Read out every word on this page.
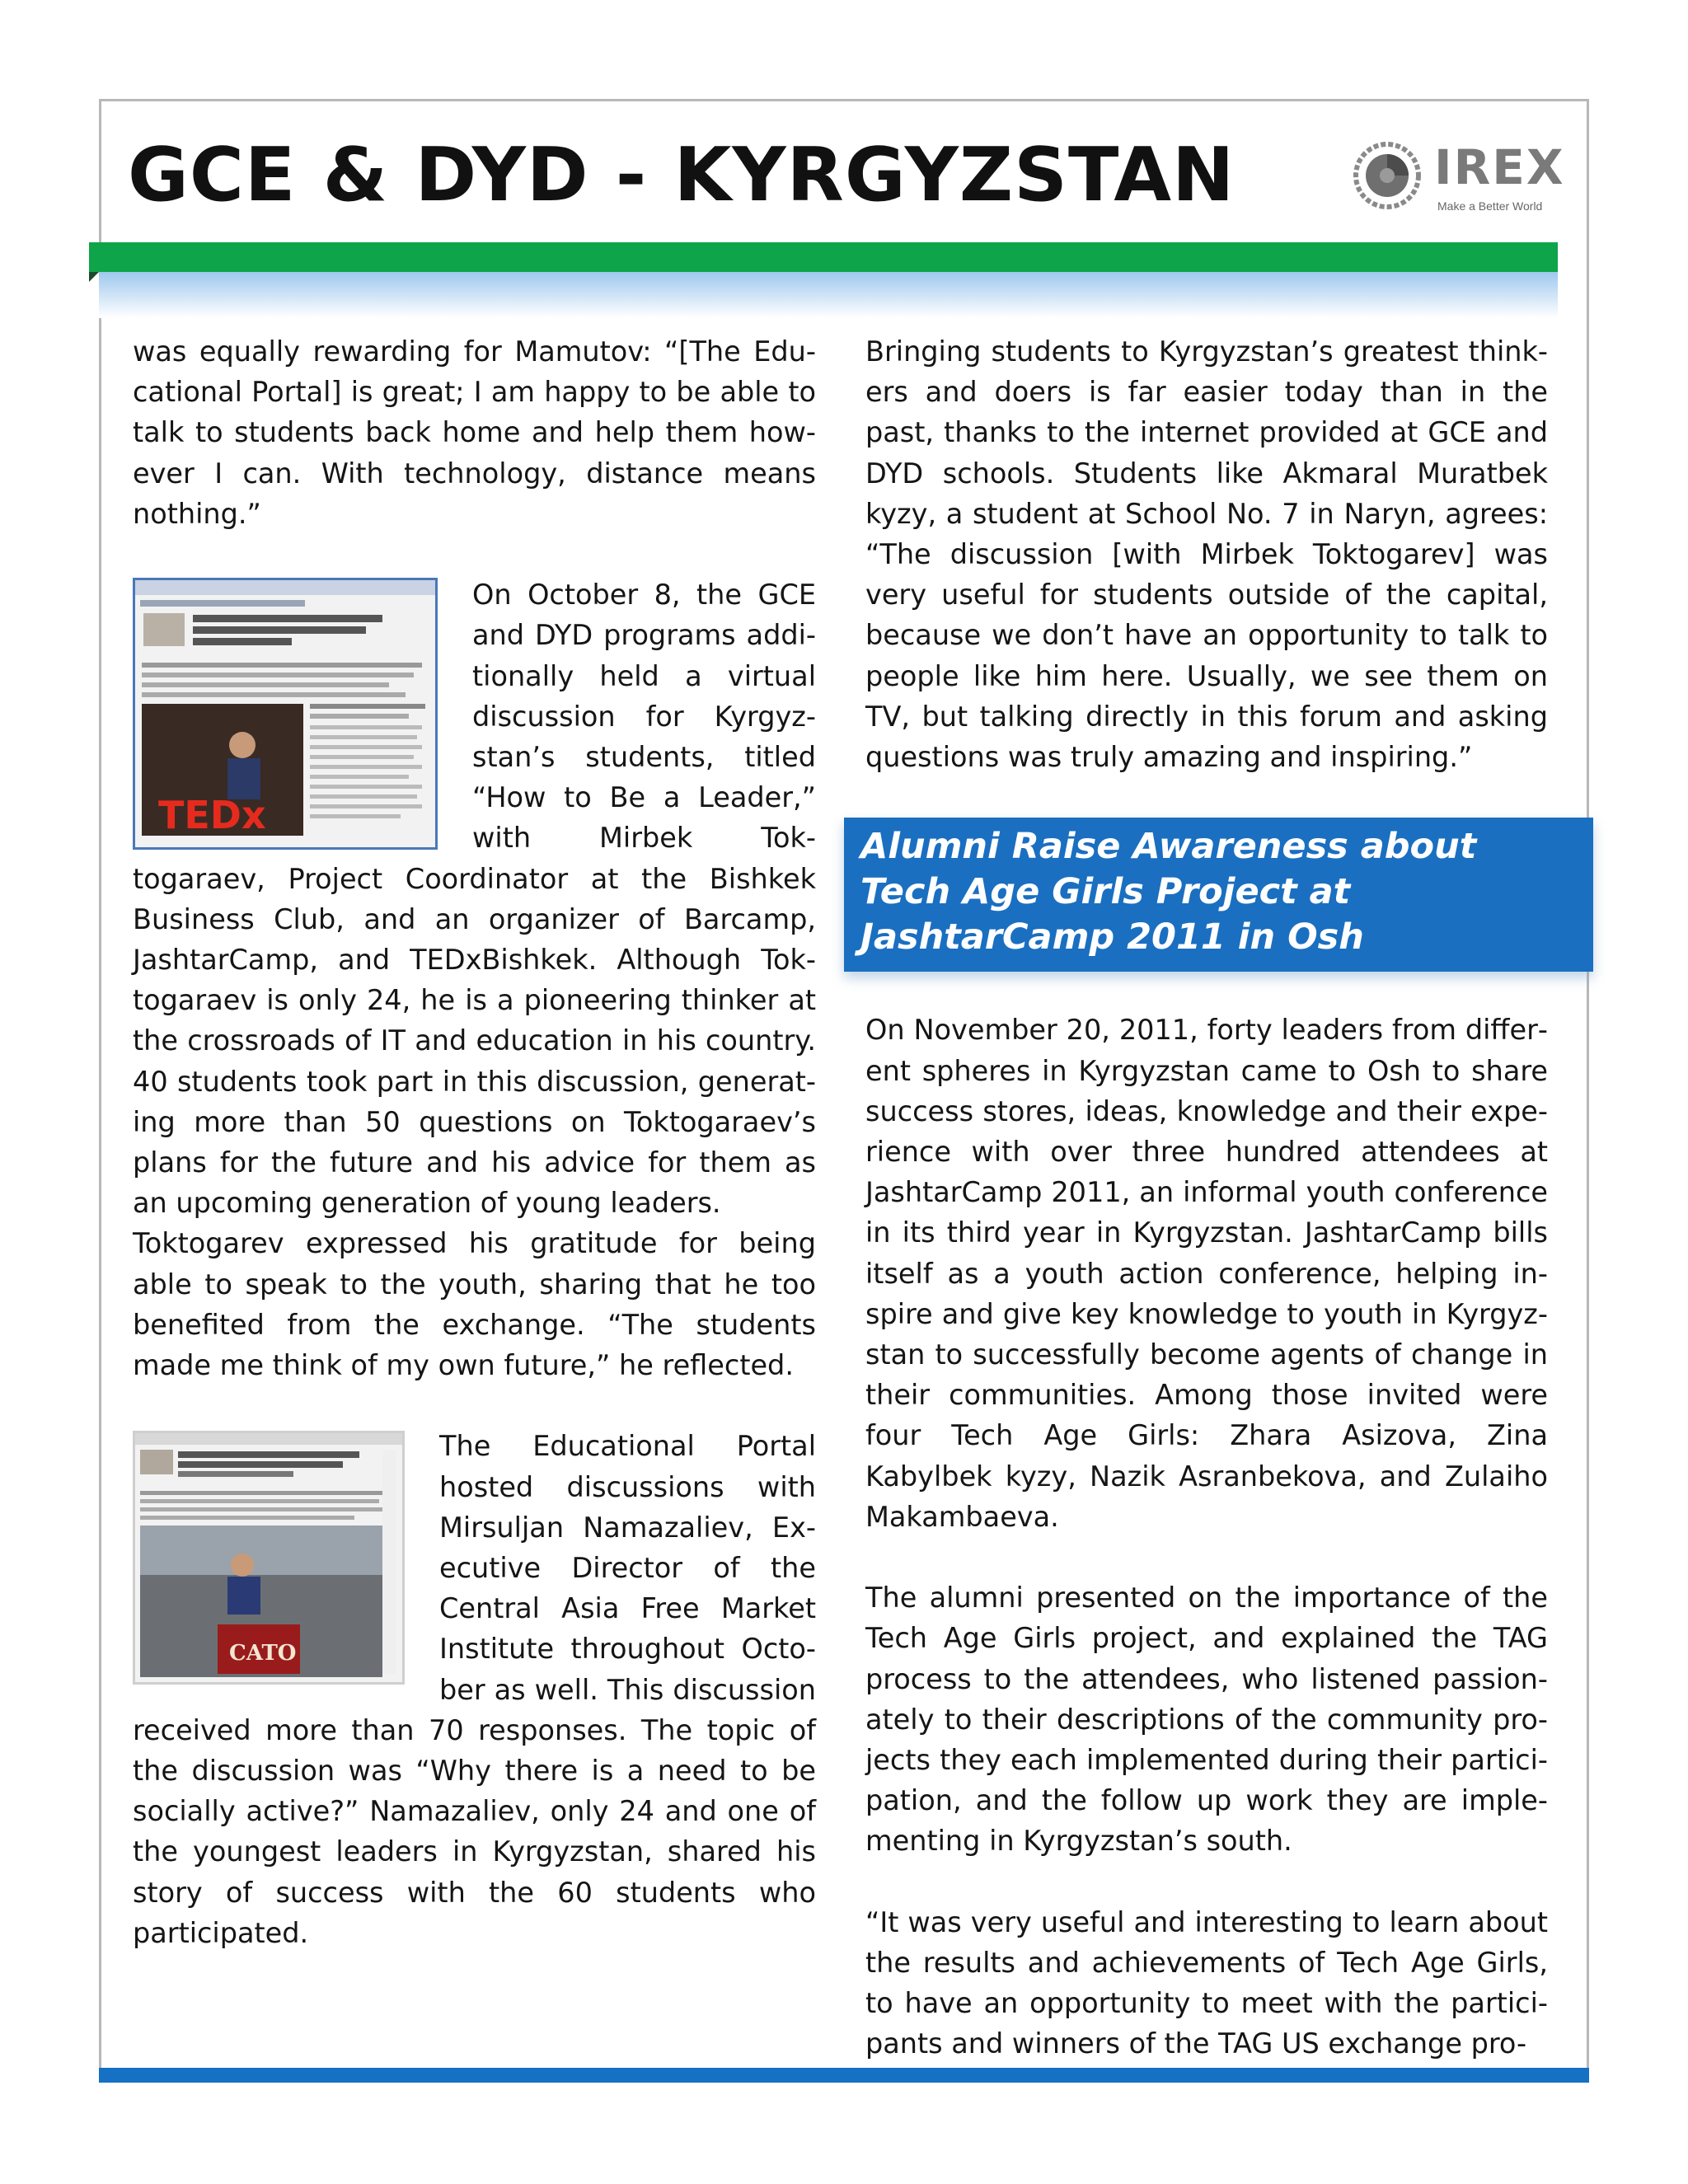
GCE & DYD - KYRGYZSTAN	IREX
Make a Better World

was equally rewarding for Mamutov: “[The Educational Portal] is great; I am happy to be able to talk to students back home and help them however I can. With technology, distance means nothing.”

TEDx

On October 8, the GCE and DYD programs additionally held a virtual discussion for Kyrgyzstan’s students, titled “How to Be a Leader,” with Mirbek Toktogaraev, Project Coordinator at the Bishkek Business Club, and an organizer of Barcamp, JashtarCamp, and TEDxBishkek. Although Toktogaraev is only 24, he is a pioneering thinker at the crossroads of IT and education in his country. 40 students took part in this discussion, generating more than 50 questions on Toktogaraev’s plans for the future and his advice for them as an upcoming generation of young leaders.

Toktogarev expressed his gratitude for being able to speak to the youth, sharing that he too benefited from the exchange. “The students made me think of my own future,” he reflected.

CATO

The Educational Portal hosted discussions with Mirsuljan Namazaliev, Executive Director of the Central Asia Free Market Institute throughout October as well. This discussion received more than 70 responses. The topic of the discussion was “Why there is a need to be socially active?” Namazaliev, only 24 and one of the youngest leaders in Kyrgyzstan, shared his story of success with the 60 students who participated.

Bringing students to Kyrgyzstan’s greatest thinkers and doers is far easier today than in the past, thanks to the internet provided at GCE and DYD schools. Students like Akmaral Muratbek kyzy, a student at School No. 7 in Naryn, agrees: “The discussion [with Mirbek Toktogarev] was very useful for students outside of the capital, because we don’t have an opportunity to talk to people like him here. Usually, we see them on TV, but talking directly in this forum and asking questions was truly amazing and inspiring.”

Alumni Raise Awareness about Tech Age Girls Project at JashtarCamp 2011 in Osh

On November 20, 2011, forty leaders from different spheres in Kyrgyzstan came to Osh to share success stores, ideas, knowledge and their experience with over three hundred attendees at JashtarCamp 2011, an informal youth conference in its third year in Kyrgyzstan. JashtarCamp bills itself as a youth action conference, helping inspire and give key knowledge to youth in Kyrgyzstan to successfully become agents of change in their communities. Among those invited were four Tech Age Girls: Zhara Asizova, Zina Kabylbek kyzy, Nazik Asranbekova, and Zulaiho Makambaeva.

The alumni presented on the importance of the Tech Age Girls project, and explained the TAG process to the attendees, who listened passionately to their descriptions of the community projects they each implemented during their participation, and the follow up work they are implementing in Kyrgyzstan’s south.

“It was very useful and interesting to learn about the results and achievements of Tech Age Girls, to have an opportunity to meet with the participants and winners of the TAG US exchange pro-
